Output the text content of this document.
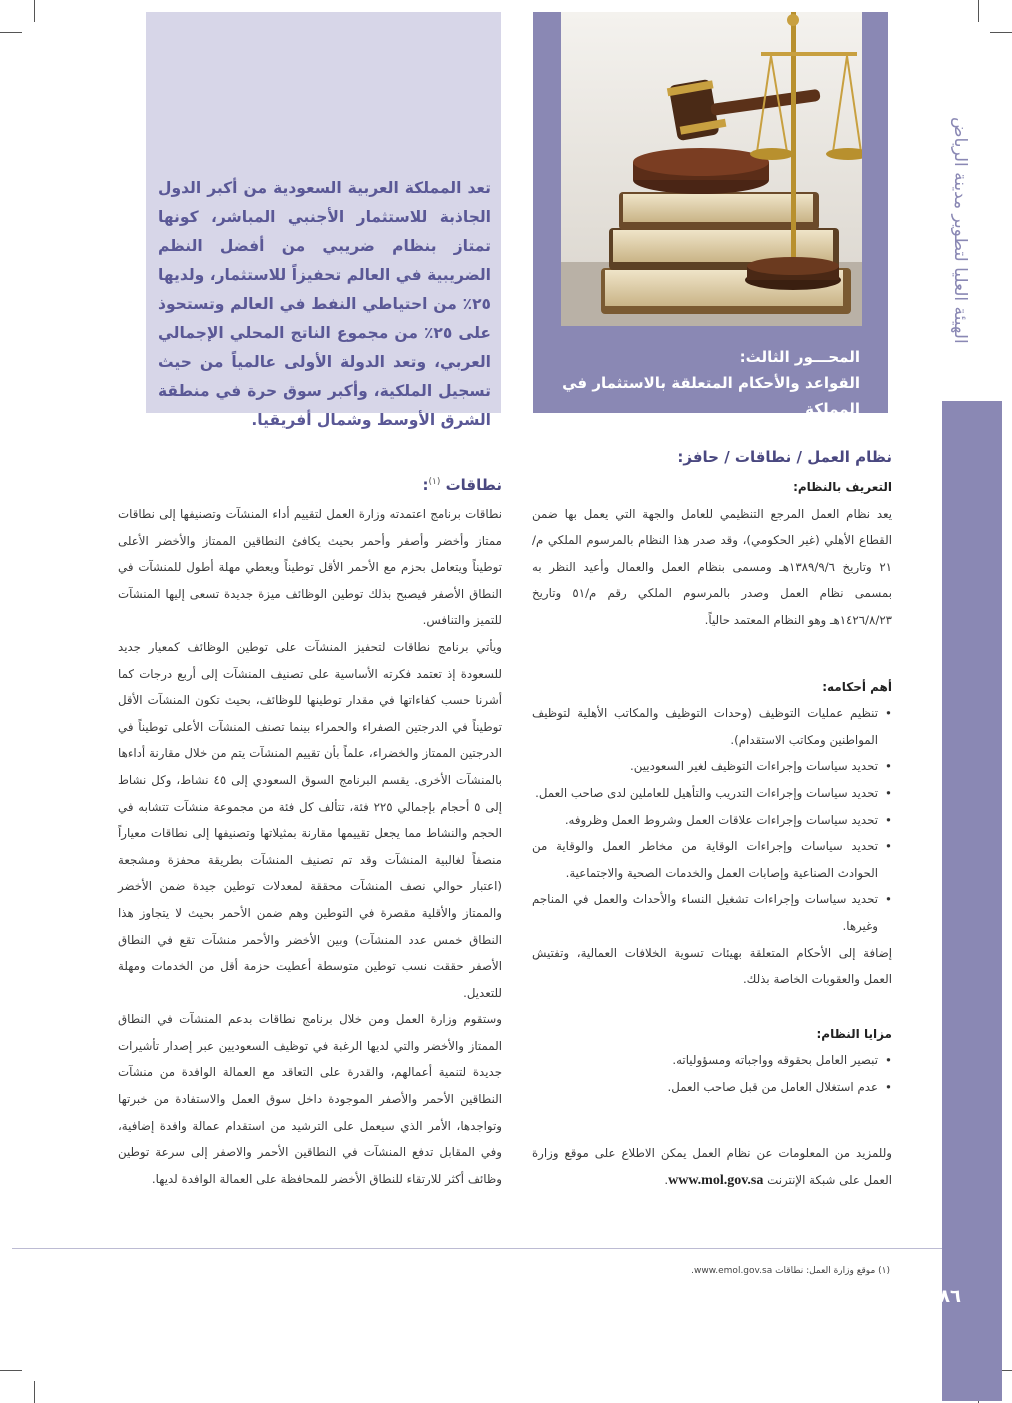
الهيئة العليا لتطوير مدينة الرياض
٨٦
المحـــور الثالث:
القواعد والأحكام المتعلقة بالاستثمار في المملكة
تعد المملكة العربية السعودية من أكبر الدول الجاذبة للاستثمار الأجنبي المباشر، كونها تمتاز بنظام ضريبي من أفضل النظم الضريبية في العالم تحفيزاً للاستثمار، ولديها ٢٥٪ من احتياطي النفط في العالم وتستحوذ على ٢٥٪ من مجموع الناتج المحلي الإجمالي العربي، وتعد الدولة الأولى عالمياً من حيث تسجيل الملكية، وأكبر سوق حرة في منطقة الشرق الأوسط وشمال أفريقيا.
نظام العمل / نطاقات / حافز:
التعريف بالنظام:

يعد نظام العمل المرجع التنظيمي للعامل والجهة التي يعمل بها ضمن القطاع الأهلي (غير الحكومي)، وقد صدر هذا النظام بالمرسوم الملكي م/٢١ وتاريخ ١٣٨٩/٩/٦هـ ومسمى بنظام العمل والعمال وأعيد النظر به بمسمى نظام العمل وصدر بالمرسوم الملكي رقم م/٥١ وتاريخ ١٤٢٦/٨/٢٣هـ وهو النظام المعتمد حالياً.

أهم أحكامه:
• تنظيم عمليات التوظيف (وحدات التوظيف والمكاتب الأهلية لتوظيف المواطنين ومكاتب الاستقدام).
• تحديد سياسات وإجراءات التوظيف لغير السعوديين.
• تحديد سياسات وإجراءات التدريب والتأهيل للعاملين لدى صاحب العمل.
• تحديد سياسات وإجراءات علاقات العمل وشروط العمل وظروفه.
• تحديد سياسات وإجراءات الوقاية من مخاطر العمل والوقاية من الحوادث الصناعية وإصابات العمل والخدمات الصحية والاجتماعية.
• تحديد سياسات وإجراءات تشغيل النساء والأحداث والعمل في المناجم وغيرها.

إضافة إلى الأحكام المتعلقة بهيئات تسوية الخلافات العمالية، وتفتيش العمل والعقوبات الخاصة بذلك.

مزايا النظام:
• تبصير العامل بحقوقه وواجباته ومسؤولياته.
• عدم استغلال العامل من قبل صاحب العمل.

وللمزيد من المعلومات عن نظام العمل يمكن الاطلاع على موقع وزارة العمل على شبكة الإنترنت www.mol.gov.sa.

نطاقات $^{(١)}$:

نطاقات برنامج اعتمدته وزارة العمل لتقييم أداء المنشآت وتصنيفها إلى نطاقات ممتاز وأخضر وأصفر وأحمر بحيث يكافئ النطاقين الممتاز والأخضر الأعلى توطيناً ويتعامل بحزم مع الأحمر الأقل توطيناً ويعطي مهلة أطول للمنشآت في النطاق الأصفر فيصبح بذلك توطين الوظائف ميزة جديدة تسعى إليها المنشآت للتميز والتنافس.

ويأتي برنامج نطاقات لتحفيز المنشآت على توطين الوظائف كمعيار جديد للسعودة إذ تعتمد فكرته الأساسية على تصنيف المنشآت إلى أربع درجات كما أشرنا حسب كفاءاتها في مقدار توطينها للوظائف، بحيث تكون المنشآت الأقل توطيناً في الدرجتين الصفراء والحمراء بينما تصنف المنشآت الأعلى توطيناً في الدرجتين الممتاز والخضراء، علماً بأن تقييم المنشآت يتم من خلال مقارنة أداءها بالمنشآت الأخرى. يقسم البرنامج السوق السعودي إلى ٤٥ نشاط، وكل نشاط إلى ٥ أحجام بإجمالي ٢٢٥ فئة، تتألف كل فئة من مجموعة منشآت تتشابه في الحجم والنشاط مما يجعل تقييمها مقارنة بمثيلاتها وتصنيفها إلى نطاقات معياراً منصفاً لغالبية المنشآت وقد تم تصنيف المنشآت بطريقة محفزة ومشجعة (اعتبار حوالي نصف المنشآت محققة لمعدلات توطين جيدة ضمن الأخضر والممتاز والأقلية مقصرة في التوطين وهم ضمن الأحمر بحيث لا يتجاوز هذا النطاق خمس عدد المنشآت) وبين الأخضر والأحمر منشآت تقع في النطاق الأصفر حققت نسب توطين متوسطة أعطيت حزمة أقل من الخدمات ومهلة للتعديل.

وستقوم وزارة العمل ومن خلال برنامج نطاقات بدعم المنشآت في النطاق الممتاز والأخضر والتي لديها الرغبة في توظيف السعوديين عبر إصدار تأشيرات جديدة لتنمية أعمالهم، والقدرة على التعاقد مع العمالة الوافدة من منشآت النطاقين الأحمر والأصفر الموجودة داخل سوق العمل والاستفادة من خبرتها وتواجدها، الأمر الذي سيعمل على الترشيد من استقدام عمالة وافدة إضافية، وفي المقابل تدفع المنشآت في النطاقين الأحمر والاصفر إلى سرعة توطين وظائف أكثر للارتقاء للنطاق الأخضر للمحافظة على العمالة الوافدة لديها.

(١) موقع وزارة العمل: نطاقات www.emol.gov.sa.
